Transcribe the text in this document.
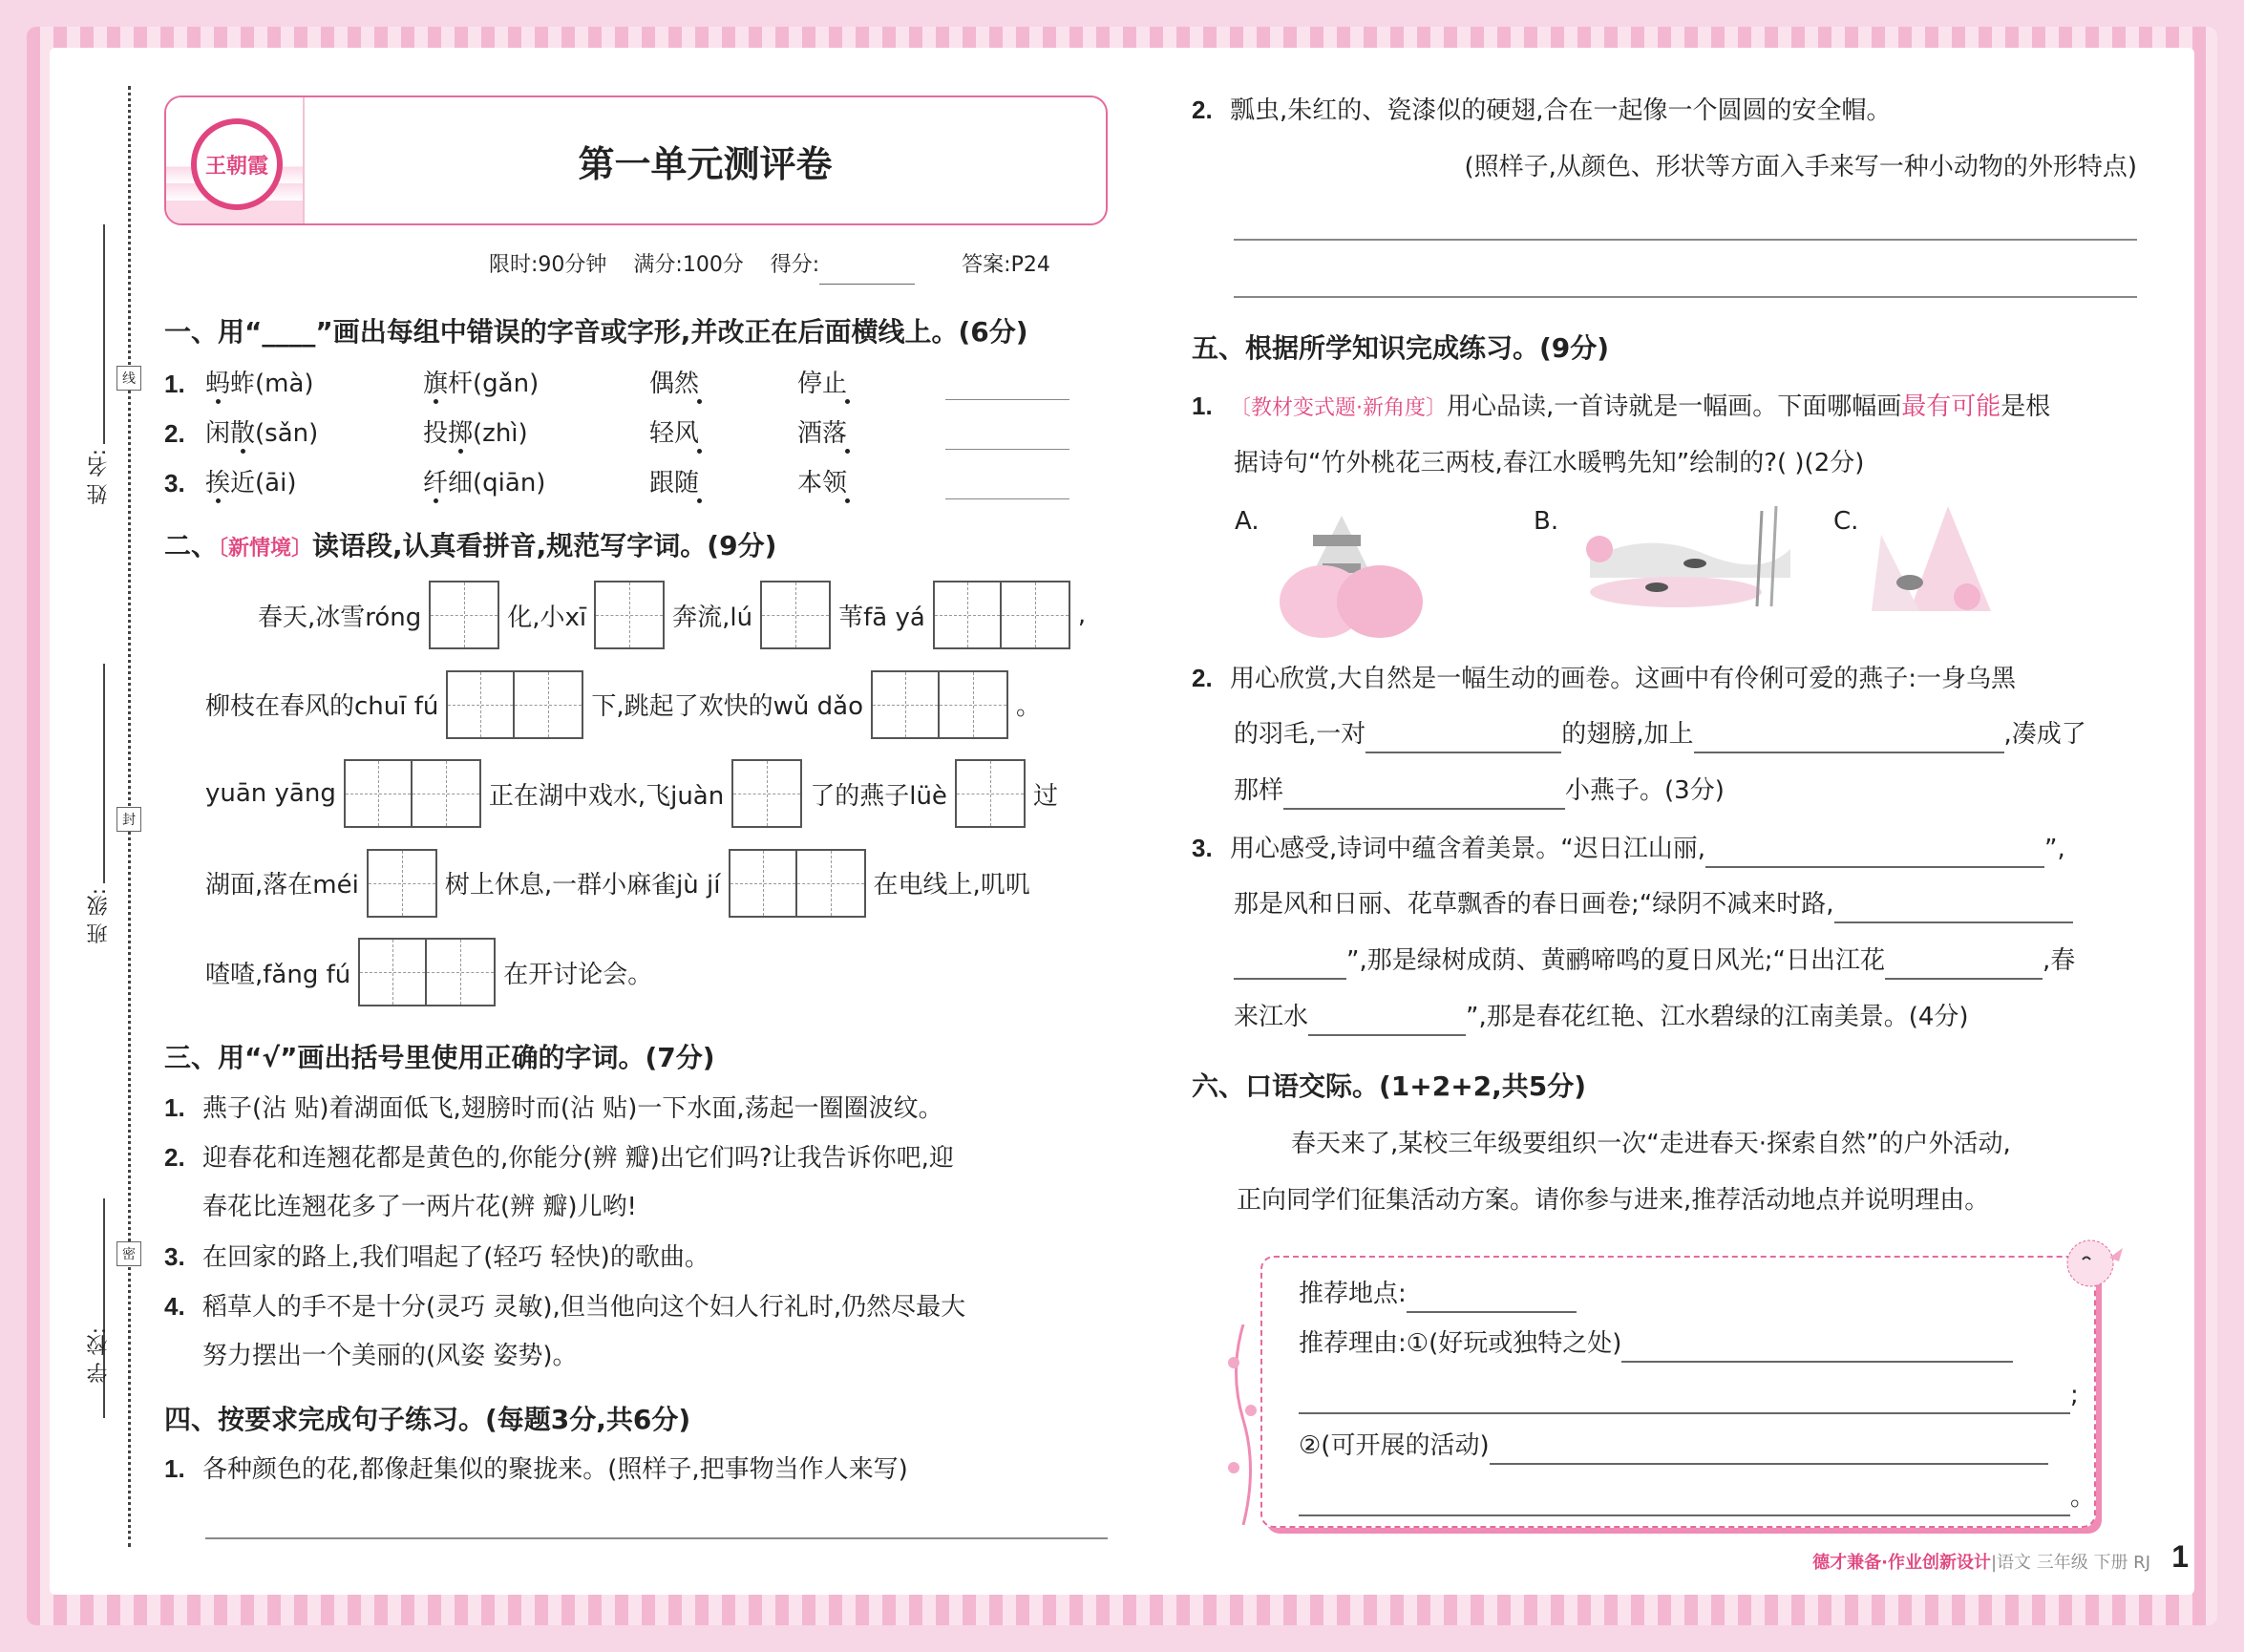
姓 名:
班 级:
学 校:
线
封
密
王朝霞	第一单元测评卷
限时:90分钟 满分:100分 得分:	答案:P24
一、用“____”画出每组中错误的字音或字形,并改正在后面横线上。(6分)
1. 蚂蚱(mà)	旗杆(gǎn)	偶然	停止
2. 闲散(sǎn)	投掷(zhì)	轻风	酒落
3. 挨近(āi)	纤细(qiān)	跟随	本领
二、〔新情境〕读语段,认真看拼音,规范写字词。(9分)
春天,冰雪róng	化,小xī	奔流,lú	苇fā yá	,
柳枝在春风的chuī fú	下,跳起了欢快的wǔ dǎo	。
yuān yāng	正在湖中戏水,飞juàn	了的燕子lüè	过
湖面,落在méi	树上休息,一群小麻雀jù jí	在电线上,叽叽
喳喳,fǎng fú	在开讨论会。
三、用“√”画出括号里使用正确的字词。(7分)
1. 燕子(沾 贴)着湖面低飞,翅膀时而(沾 贴)一下水面,荡起一圈圈波纹。
2. 迎春花和连翘花都是黄色的,你能分(辨 瓣)出它们吗?让我告诉你吧,迎
春花比连翘花多了一两片花(辨 瓣)儿哟!
3. 在回家的路上,我们唱起了(轻巧 轻快)的歌曲。
4. 稻草人的手不是十分(灵巧 灵敏),但当他向这个妇人行礼时,仍然尽最大
努力摆出一个美丽的(风姿 姿势)。
四、按要求完成句子练习。(每题3分,共6分)
1. 各种颜色的花,都像赶集似的聚拢来。(照样子,把事物当作人来写)
2. 瓢虫,朱红的、瓷漆似的硬翅,合在一起像一个圆圆的安全帽。
(照样子,从颜色、形状等方面入手来写一种小动物的外形特点)
五、根据所学知识完成练习。(9分)
1. 〔教材变式题·新角度〕用心品读,一首诗就是一幅画。下面哪幅画最有可能是根
据诗句“竹外桃花三两枝,春江水暖鸭先知”绘制的?( )(2分)
A.	B.	C.
2. 用心欣赏,大自然是一幅生动的画卷。这画中有伶俐可爱的燕子:一身乌黑
的羽毛,一对	的翅膀,加上	,凑成了
那样	小燕子。(3分)
3. 用心感受,诗词中蕴含着美景。“迟日江山丽,	”,
那是风和日丽、花草飘香的春日画卷;“绿阴不减来时路,
”,那是绿树成荫、黄鹂啼鸣的夏日风光;“日出江花	,春
来江水	”,那是春花红艳、江水碧绿的江南美景。(4分)
六、口语交际。(1+2+2,共5分)
春天来了,某校三年级要组织一次“走进春天·探索自然”的户外活动,
正向同学们征集活动方案。请你参与进来,推荐活动地点并说明理由。
推荐地点:
推荐理由:①(好玩或独特之处)
;
②(可开展的活动)
。
德才兼备·作业创新设计|语文 三年级 下册 RJ 1
